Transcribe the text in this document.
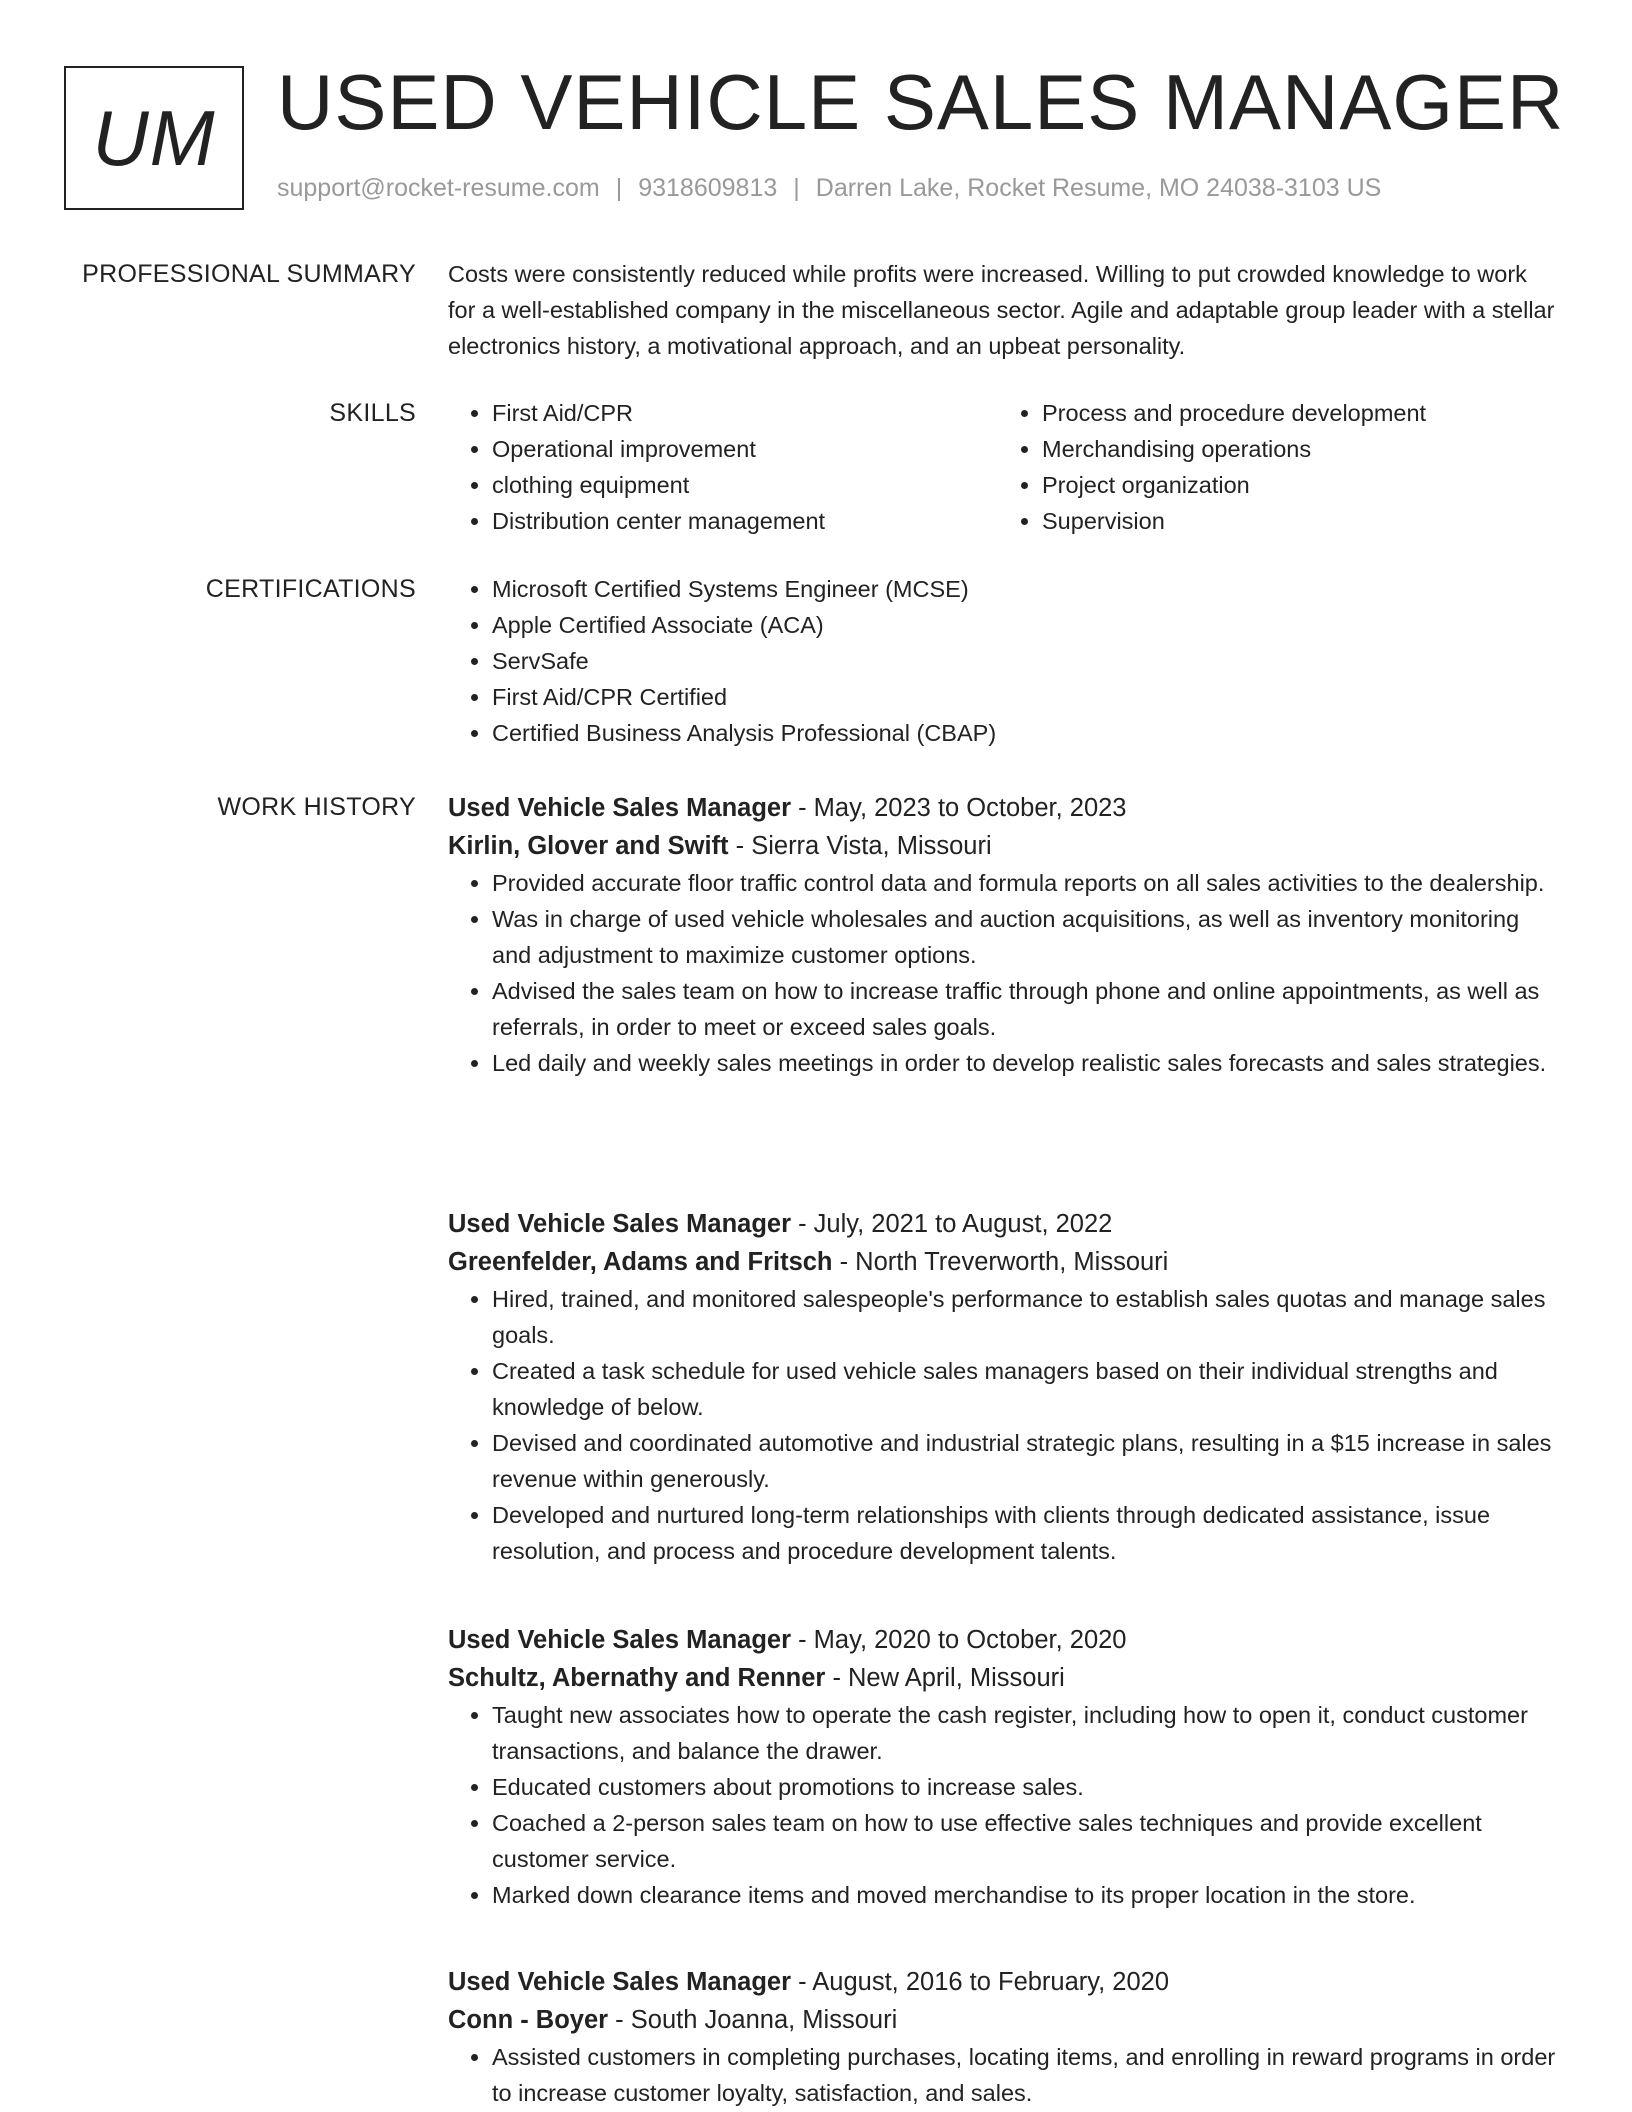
UM USED VEHICLE SALES MANAGER
support@rocket-resume.com | 9318609813 | Darren Lake, Rocket Resume, MO 24038-3103 US
PROFESSIONAL SUMMARY Costs were consistently reduced while profits were increased. Willing to put crowded knowledge to work for a well-established company in the miscellaneous sector. Agile and adaptable group leader with a stellar electronics history, a motivational approach, and an upbeat personality.
SKILLS	• First Aid/CPR
• Operational improvement
• clothing equipment
• Distribution center management
• Process and procedure development
• Merchandising operations
• Project organization
• Supervision
CERTIFICATIONS	• Microsoft Certified Systems Engineer (MCSE)
• Apple Certified Associate (ACA)
• ServSafe
• First Aid/CPR Certified
• Certified Business Analysis Professional (CBAP)
WORK HISTORY Used Vehicle Sales Manager - May, 2023 to October, 2023
Kirlin, Glover and Swift - Sierra Vista, Missouri
• Provided accurate floor traffic control data and formula reports on all sales activities to the dealership.
• Was in charge of used vehicle wholesales and auction acquisitions, as well as inventory monitoring and adjustment to maximize customer options.
• Advised the sales team on how to increase traffic through phone and online appointments, as well as referrals, in order to meet or exceed sales goals.
• Led daily and weekly sales meetings in order to develop realistic sales forecasts and sales strategies.
Used Vehicle Sales Manager - July, 2021 to August, 2022
Greenfelder, Adams and Fritsch - North Treverworth, Missouri
• Hired, trained, and monitored salespeople's performance to establish sales quotas and manage sales goals.
• Created a task schedule for used vehicle sales managers based on their individual strengths and knowledge of below.
• Devised and coordinated automotive and industrial strategic plans, resulting in a $15 increase in sales revenue within generously.
• Developed and nurtured long-term relationships with clients through dedicated assistance, issue resolution, and process and procedure development talents.
Used Vehicle Sales Manager - May, 2020 to October, 2020
Schultz, Abernathy and Renner - New April, Missouri
• Taught new associates how to operate the cash register, including how to open it, conduct customer transactions, and balance the drawer.
• Educated customers about promotions to increase sales.
• Coached a 2-person sales team on how to use effective sales techniques and provide excellent customer service.
• Marked down clearance items and moved merchandise to its proper location in the store.
Used Vehicle Sales Manager - August, 2016 to February, 2020
Conn - Boyer - South Joanna, Missouri
• Assisted customers in completing purchases, locating items, and enrolling in reward programs in order to increase customer loyalty, satisfaction, and sales.
